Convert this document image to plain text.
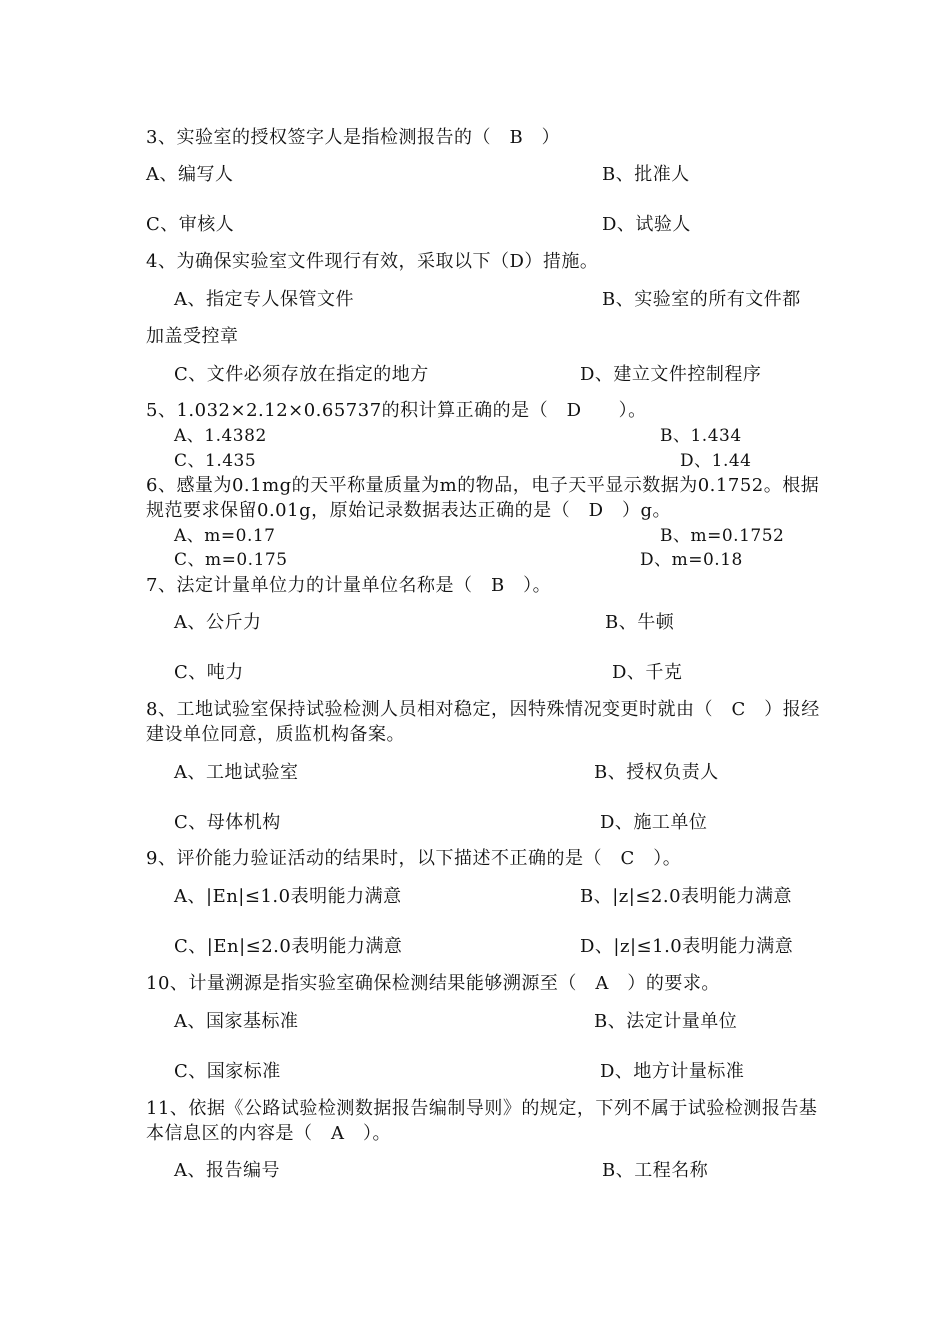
3、实验室的授权签字人是指检测报告的（　B　）
A、编写人	B、批准人
C、审核人	D、试验人
4、为确保实验室文件现行有效，采取以下（D）措施。
A、指定专人保管文件	B、实验室的所有文件都
加盖受控章
C、文件必须存放在指定的地方	D、建立文件控制程序
5、1.032×2.12×0.65737的积计算正确的是（　D　　）。
A、1.4382	B、1.434
C、1.435	D、1.44
6、感量为0.1mg的天平称量质量为m的物品，电子天平显示数据为0.1752。根据
规范要求保留0.01g，原始记录数据表达正确的是（　D　）g。
A、m=0.17	B、m=0.1752
C、m=0.175	D、m=0.18
7、法定计量单位力的计量单位名称是（　B　）。
A、公斤力	B、牛顿
C、吨力	D、千克
8、工地试验室保持试验检测人员相对稳定，因特殊情况变更时就由（　C　）报经
建设单位同意，质监机构备案。
A、工地试验室	B、授权负责人
C、母体机构	D、施工单位
9、评价能力验证活动的结果时，以下描述不正确的是（　C　）。
A、|En|≤1.0表明能力满意	B、|z|≤2.0表明能力满意
C、|En|≤2.0表明能力满意	D、|z|≤1.0表明能力满意
10、计量溯源是指实验室确保检测结果能够溯源至（　A　）的要求。
A、国家基标准	B、法定计量单位
C、国家标准	D、地方计量标准
11、依据《公路试验检测数据报告编制导则》的规定，下列不属于试验检测报告基
本信息区的内容是（　A　）。
A、报告编号	B、工程名称
